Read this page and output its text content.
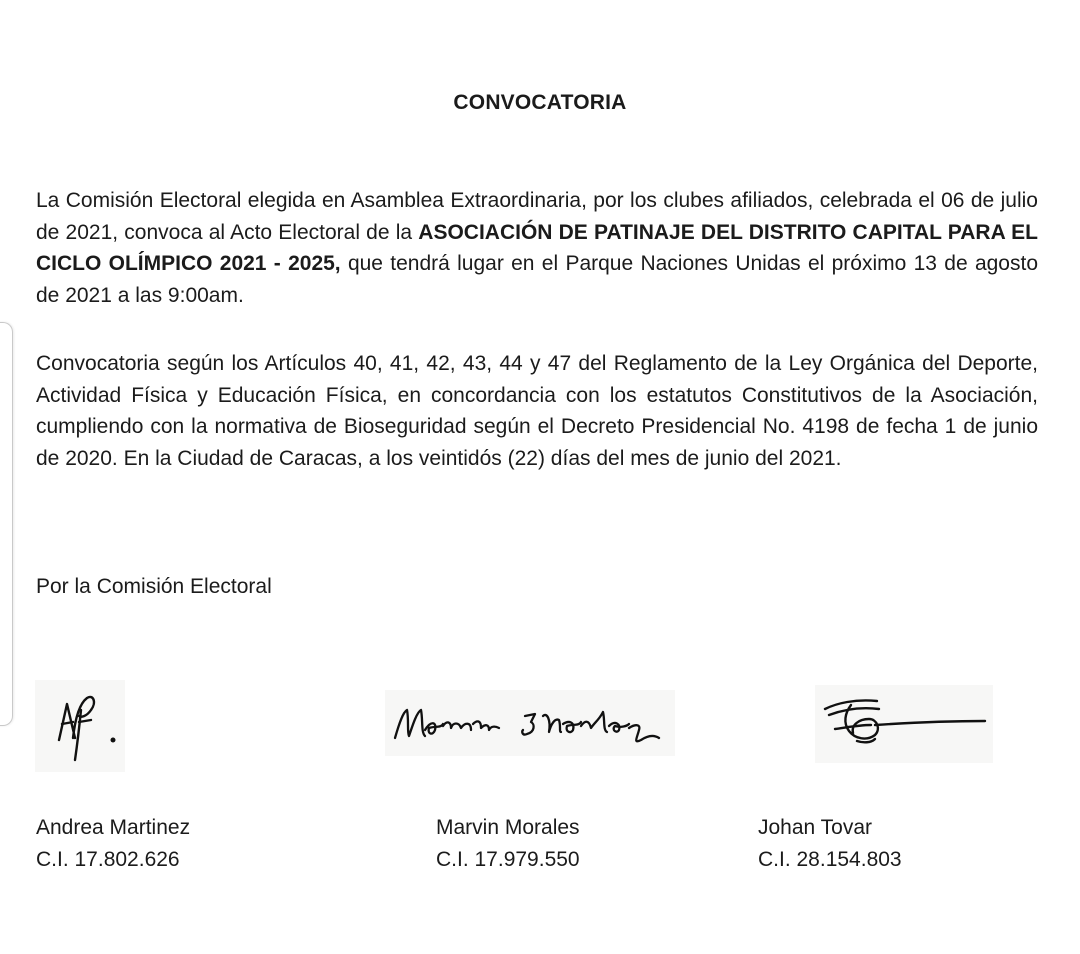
CONVOCATORIA

La Comisión Electoral elegida en Asamblea Extraordinaria, por los clubes afiliados, celebrada el 06 de julio de 2021, convoca al Acto Electoral de la ASOCIACIÓN DE PATINAJE DEL DISTRITO CAPITAL PARA EL CICLO OLÍMPICO 2021 - 2025, que tendrá lugar en el Parque Naciones Unidas el próximo 13 de agosto de 2021 a las 9:00am.

Convocatoria según los Artículos 40, 41, 42, 43, 44 y 47 del Reglamento de la Ley Orgánica del Deporte, Actividad Física y Educación Física, en concordancia con los estatutos Constitutivos de la Asociación, cumpliendo con la normativa de Bioseguridad según el Decreto Presidencial No. 4198 de fecha 1 de junio de 2020. En la Ciudad de Caracas, a los veintidós (22) días del mes de junio del 2021.

Por la Comisión Electoral

Andrea Martinez
C.I. 17.802.626
Marvin Morales
C.I. 17.979.550
Johan Tovar
C.I. 28.154.803
